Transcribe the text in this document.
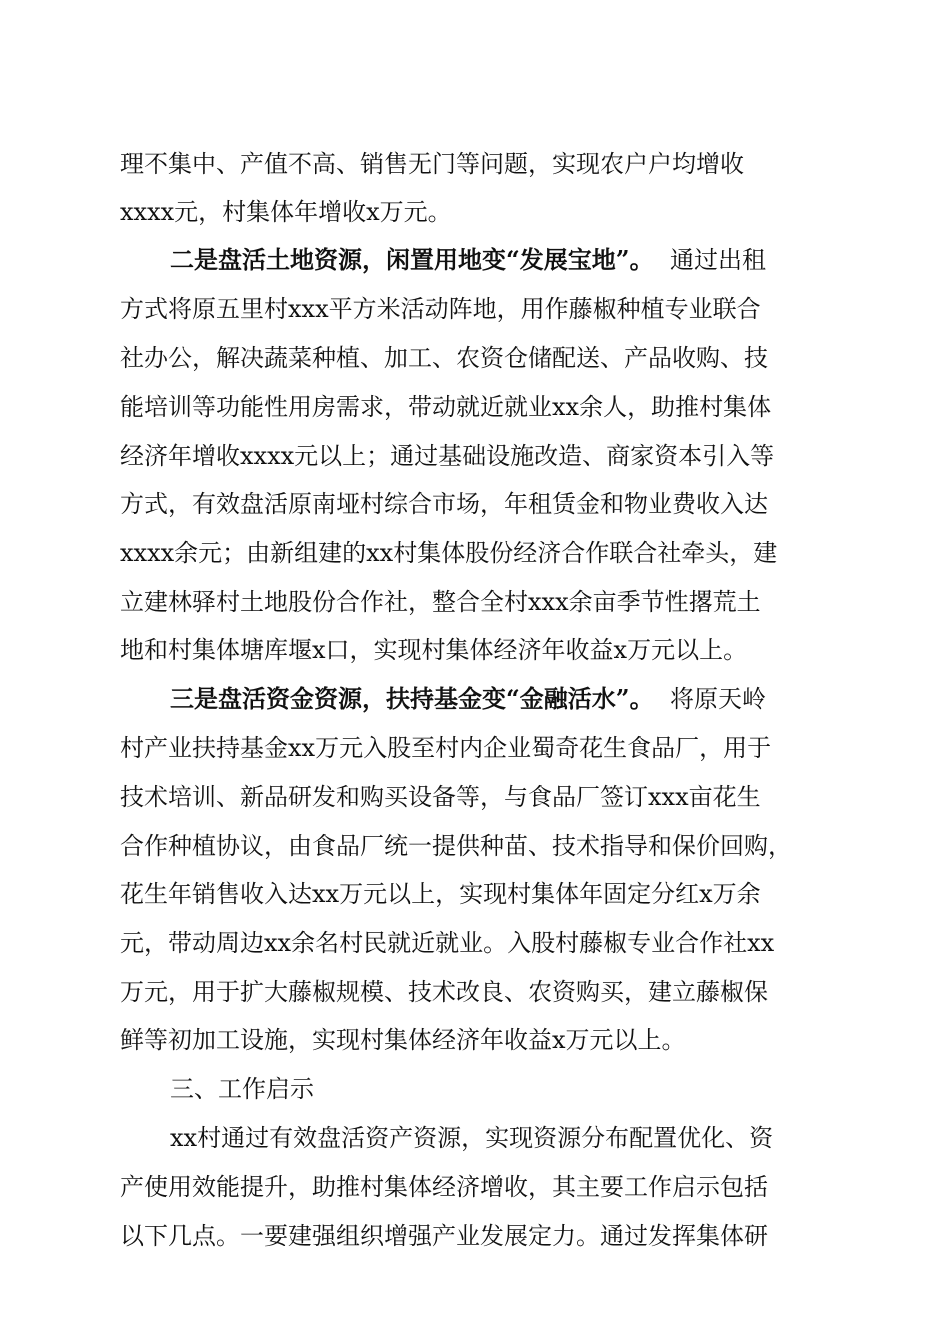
理不集中、产值不高、销售无门等问题，实现农户户均增收
xxxx元，村集体年增收x万元。
二是盘活土地资源，闲置用地变“发展宝地”。 通过出租
方式将原五里村xxx平方米活动阵地，用作藤椒种植专业联合
社办公，解决蔬菜种植、加工、农资仓储配送、产品收购、技
能培训等功能性用房需求，带动就近就业xx余人，助推村集体
经济年增收xxxx元以上；通过基础设施改造、商家资本引入等
方式，有效盘活原南垭村综合市场，年租赁金和物业费收入达
xxxx余元；由新组建的xx村集体股份经济合作联合社牵头，建
立建林驿村土地股份合作社，整合全村xxx余亩季节性撂荒土
地和村集体塘库堰x口，实现村集体经济年收益x万元以上。
三是盘活资金资源，扶持基金变“金融活水”。 将原天岭
村产业扶持基金xx万元入股至村内企业蜀奇花生食品厂，用于
技术培训、新品研发和购买设备等，与食品厂签订xxx亩花生
合作种植协议，由食品厂统一提供种苗、技术指导和保价回购，
花生年销售收入达xx万元以上，实现村集体年固定分红x万余
元，带动周边xx余名村民就近就业。入股村藤椒专业合作社xx
万元，用于扩大藤椒规模、技术改良、农资购买，建立藤椒保
鲜等初加工设施，实现村集体经济年收益x万元以上。
三、工作启示
xx村通过有效盘活资产资源，实现资源分布配置优化、资
产使用效能提升，助推村集体经济增收，其主要工作启示包括
以下几点。一要建强组织增强产业发展定力。通过发挥集体研
